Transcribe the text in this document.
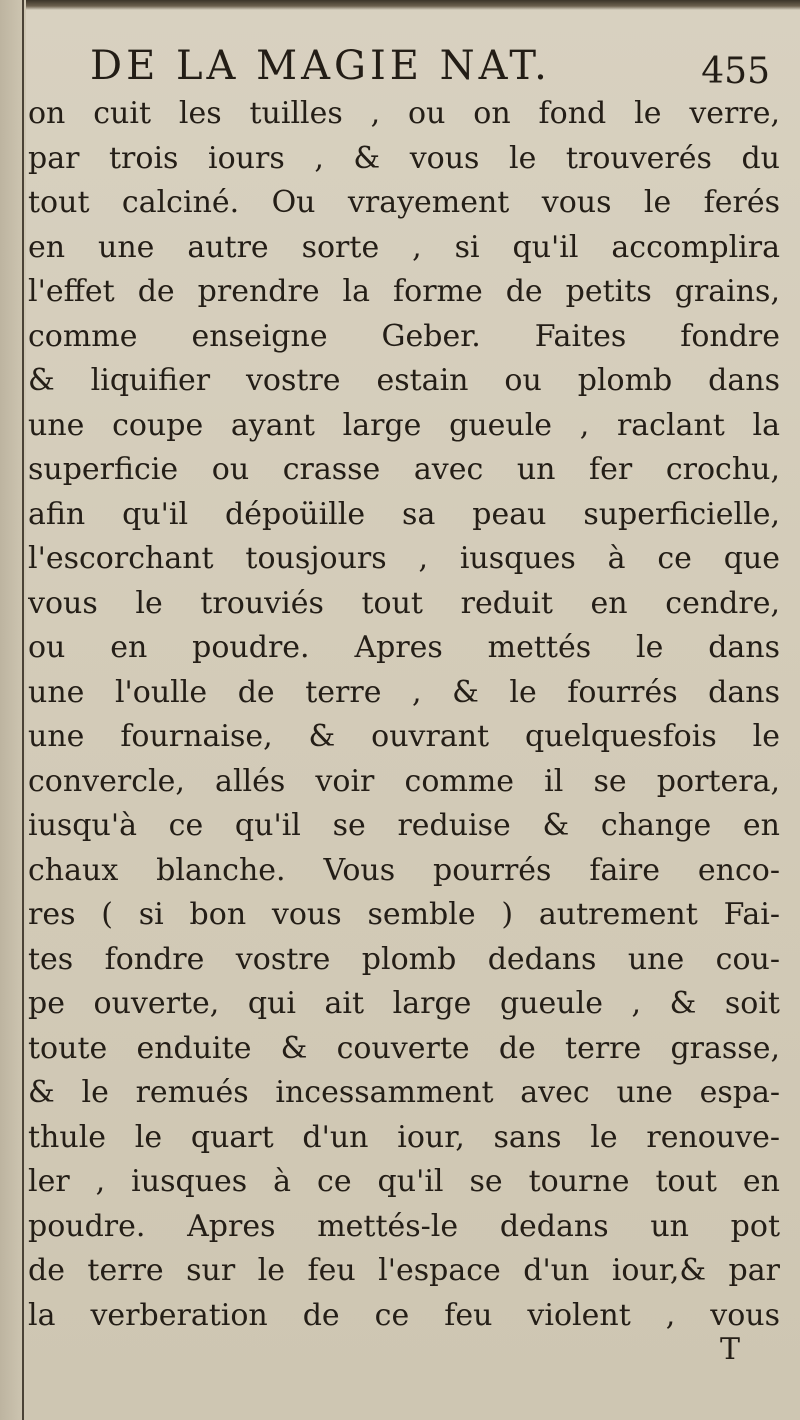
DE LA MAGIE NAT.	455
on cuit les tuilles , ou on fond le verre,
par trois iours , & vous le trouverés du
tout calciné. Ou vrayement vous le ferés
en une autre sorte , si qu'il accomplira
l'effet de prendre la forme de petits grains,
comme enseigne Geber. Faites fondre
& liquifier vostre estain ou plomb dans
une coupe ayant large gueule , raclant la
superficie ou crasse avec un fer crochu,
afin qu'il dépoüille sa peau superficielle,
l'escorchant tousjours , iusques à ce que
vous le trouviés tout reduit en cendre,
ou en poudre. Apres mettés le dans
une l'oulle de terre , & le fourrés dans
une fournaise, & ouvrant quelquesfois le
convercle, allés voir comme il se portera,
iusqu'à ce qu'il se reduise & change en
chaux blanche. Vous pourrés faire enco-
res ( si bon vous semble ) autrement Fai-
tes fondre vostre plomb dedans une cou-
pe ouverte, qui ait large gueule , & soit
toute enduite & couverte de terre grasse,
& le remués incessamment avec une espa-
thule le quart d'un iour, sans le renouve-
ler , iusques à ce qu'il se tourne tout en
poudre. Apres mettés-le dedans un pot
de terre sur le feu l'espace d'un iour,& par
la verberation de ce feu violent , vous
T
